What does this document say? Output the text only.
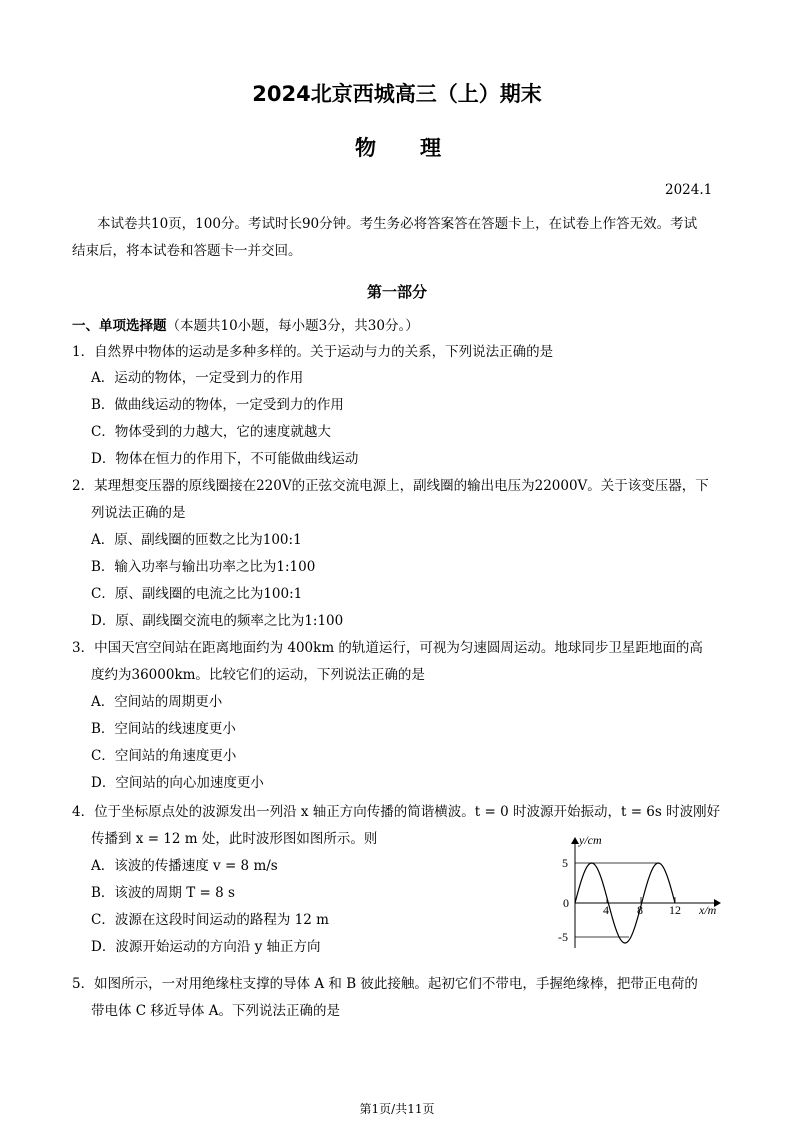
2024北京西城高三（上）期末
物理
2024.1
本试卷共10页，100分。考试时长90分钟。考生务必将答案答在答题卡上，在试卷上作答无效。考试
结束后，将本试卷和答题卡一并交回。
第一部分
一、单项选择题（本题共10小题，每小题3分，共30分。）
1．自然界中物体的运动是多种多样的。关于运动与力的关系，下列说法正确的是
A．运动的物体，一定受到力的作用
B．做曲线运动的物体，一定受到力的作用
C．物体受到的力越大，它的速度就越大
D．物体在恒力的作用下，不可能做曲线运动
2．某理想变压器的原线圈接在220V的正弦交流电源上，副线圈的输出电压为22000V。关于该变压器，下
列说法正确的是
A．原、副线圈的匝数之比为100:1
B．输入功率与输出功率之比为1:100
C．原、副线圈的电流之比为100:1
D．原、副线圈交流电的频率之比为1:100
3．中国天宫空间站在距离地面约为 400km 的轨道运行，可视为匀速圆周运动。地球同步卫星距地面的高
度约为36000km。比较它们的运动，下列说法正确的是
A．空间站的周期更小
B．空间站的线速度更小
C．空间站的角速度更小
D．空间站的向心加速度更小
4．位于坐标原点处的波源发出一列沿 x 轴正方向传播的简谐横波。t = 0 时波源开始振动，t = 6s 时波刚好
传播到 x = 12 m 处，此时波形图如图所示。则
A．该波的传播速度 v = 8 m/s
B．该波的周期 T = 8 s
C．波源在这段时间运动的路程为 12 m
D．波源开始运动的方向沿 y 轴正方向
y/cm
x/m
5
0
-5
4 8 12
5．如图所示，一对用绝缘柱支撑的导体 A 和 B 彼此接触。起初它们不带电，手握绝缘棒，把带正电荷的
带电体 C 移近导体 A。下列说法正确的是
第1页/共11页
